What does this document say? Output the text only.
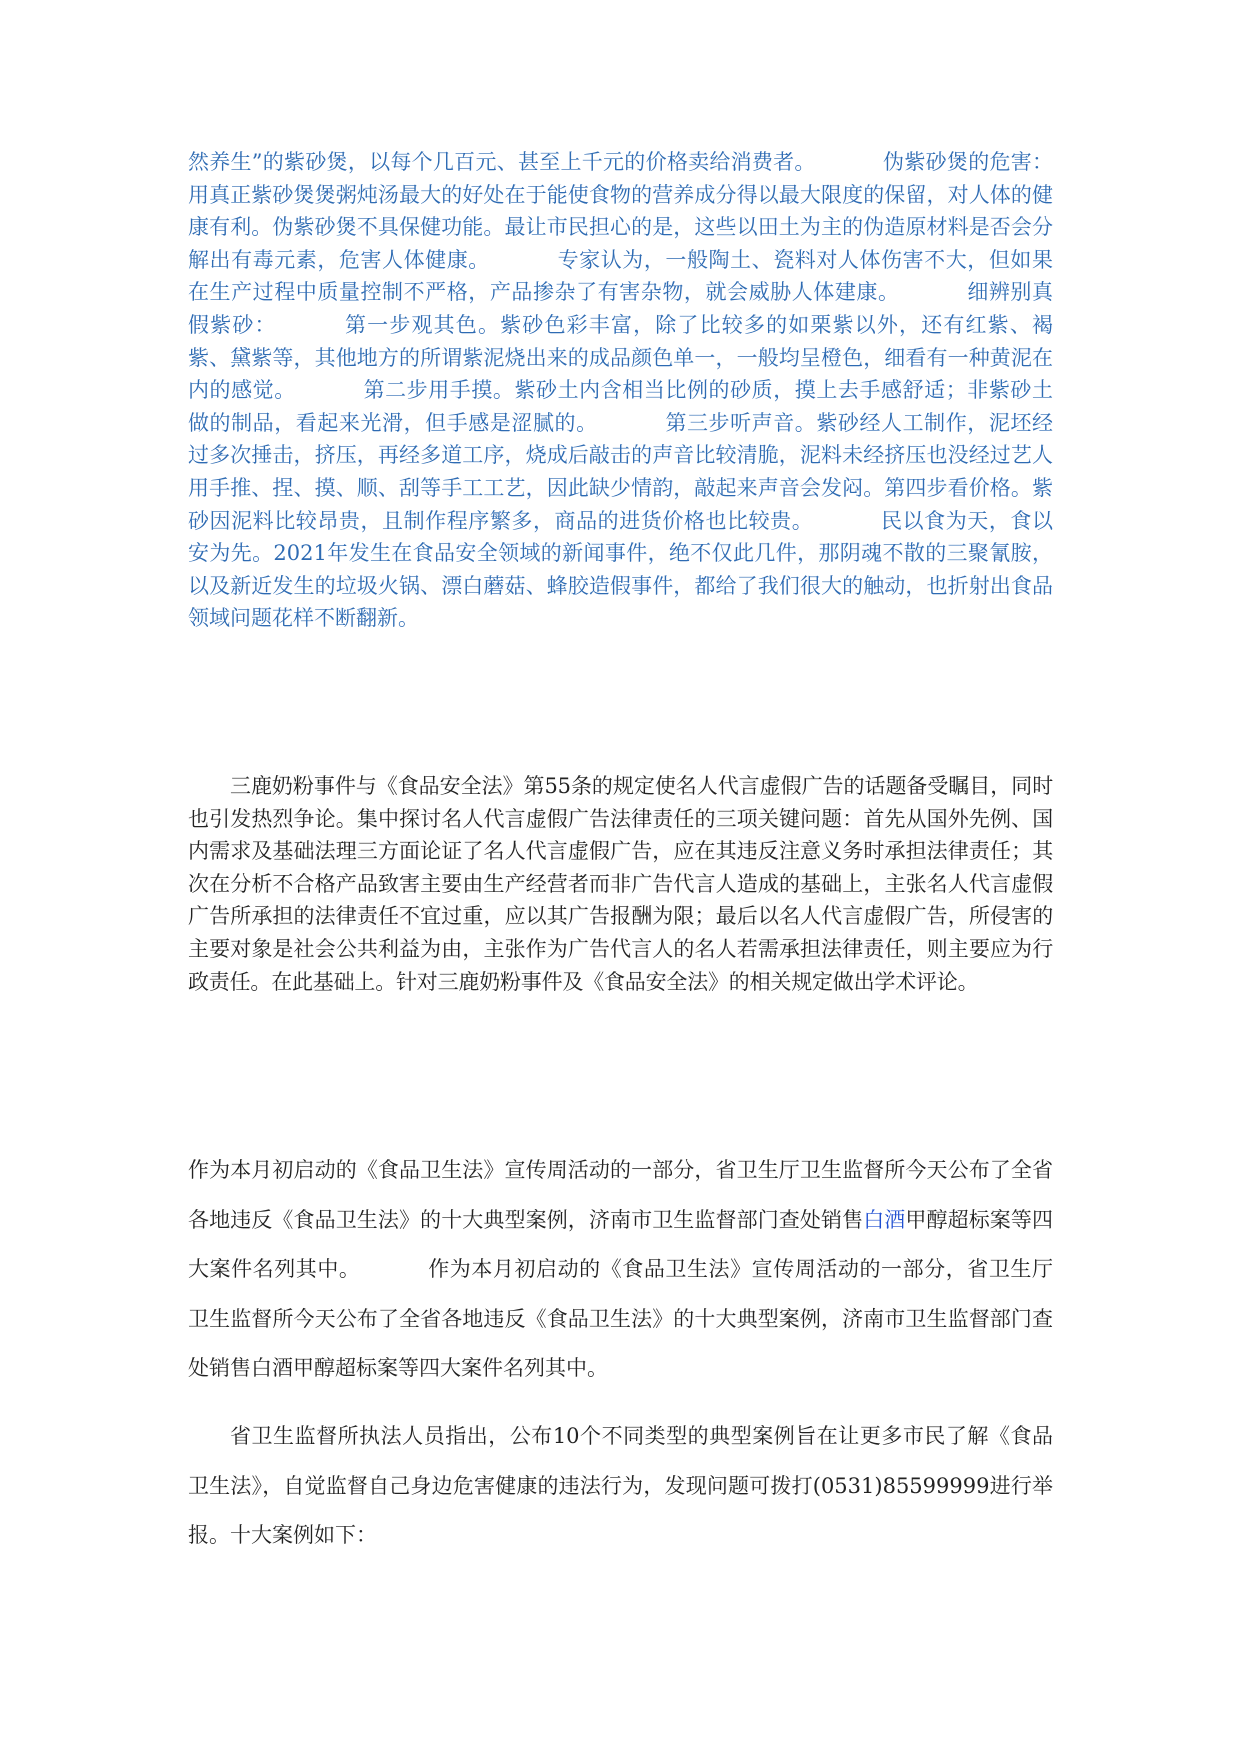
然养生”的紫砂煲，以每个几百元、甚至上千元的价格卖给消费者。	伪紫砂煲的危害：用真正紫砂煲煲粥炖汤最大的好处在于能使食物的营养成分得以最大限度的保留，对人体的健康有利。伪紫砂煲不具保健功能。最让市民担心的是，这些以田土为主的伪造原材料是否会分解出有毒元素，危害人体健康。	专家认为，一般陶土、瓷料对人体伤害不大，但如果在生产过程中质量控制不严格，产品掺杂了有害杂物，就会威胁人体建康。	细辨别真假紫砂：	第一步观其色。紫砂色彩丰富，除了比较多的如栗紫以外，还有红紫、褐紫、黛紫等，其他地方的所谓紫泥烧出来的成品颜色单一，一般均呈橙色，细看有一种黄泥在内的感觉。	第二步用手摸。紫砂土内含相当比例的砂质，摸上去手感舒适；非紫砂土做的制品，看起来光滑，但手感是涩腻的。	第三步听声音。紫砂经人工制作，泥坯经过多次捶击，挤压，再经多道工序，烧成后敲击的声音比较清脆，泥料未经挤压也没经过艺人用手推、捏、摸、顺、刮等手工工艺，因此缺少情韵，敲起来声音会发闷。第四步看价格。紫砂因泥料比较昂贵，且制作程序繁多，商品的进货价格也比较贵。	民以食为天，食以安为先。2021年发生在食品安全领域的新闻事件，绝不仅此几件，那阴魂不散的三聚氰胺，以及新近发生的垃圾火锅、漂白蘑菇、蜂胶造假事件，都给了我们很大的触动，也折射出食品领域问题花样不断翻新。

三鹿奶粉事件与《食品安全法》第55条的规定使名人代言虚假广告的话题备受瞩目，同时也引发热烈争论。集中探讨名人代言虚假广告法律责任的三项关键问题：首先从国外先例、国内需求及基础法理三方面论证了名人代言虚假广告，应在其违反注意义务时承担法律责任；其次在分析不合格产品致害主要由生产经营者而非广告代言人造成的基础上，主张名人代言虚假广告所承担的法律责任不宜过重，应以其广告报酬为限；最后以名人代言虚假广告，所侵害的主要对象是社会公共利益为由，主张作为广告代言人的名人若需承担法律责任，则主要应为行政责任。在此基础上。针对三鹿奶粉事件及《食品安全法》的相关规定做出学术评论。

作为本月初启动的《食品卫生法》宣传周活动的一部分，省卫生厅卫生监督所今天公布了全省各地违反《食品卫生法》的十大典型案例，济南市卫生监督部门查处销售白酒甲醇超标案等四大案件名列其中。	作为本月初启动的《食品卫生法》宣传周活动的一部分，省卫生厅卫生监督所今天公布了全省各地违反《食品卫生法》的十大典型案例，济南市卫生监督部门查处销售白酒甲醇超标案等四大案件名列其中。

省卫生监督所执法人员指出，公布10个不同类型的典型案例旨在让更多市民了解《食品卫生法》，自觉监督自己身边危害健康的违法行为，发现问题可拨打(0531)85599999进行举报。十大案例如下：
